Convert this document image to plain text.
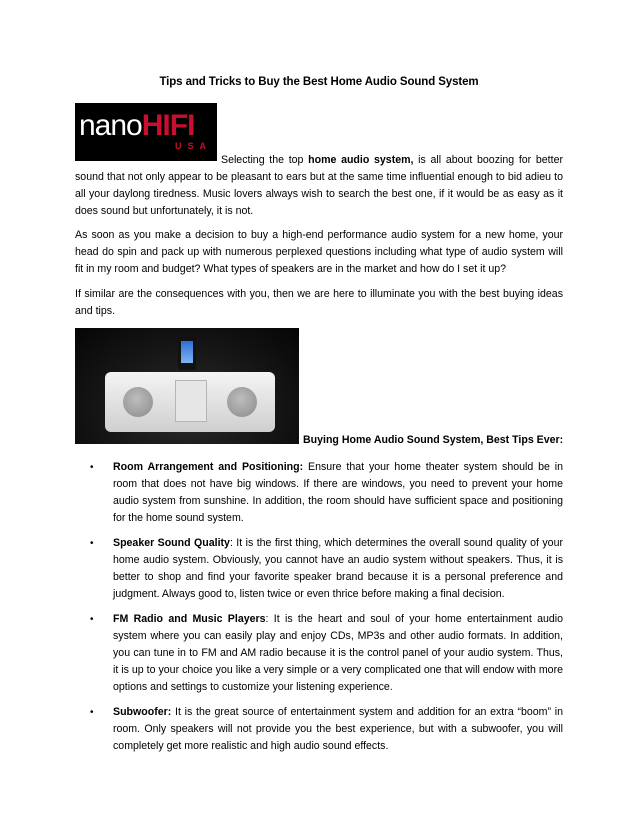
Tips and Tricks to Buy the Best Home Audio Sound System
nanoHIFI
USA
Selecting the top home audio system, is all about boozing for better sound that not only appear to be pleasant to ears but at the same time influential enough to bid adieu to all your daylong tiredness. Music lovers always wish to search the best one, if it would be as easy as it does sound but unfortunately, it is not.
As soon as you make a decision to buy a high-end performance audio system for a new home, your head do spin and pack up with numerous perplexed questions including what type of audio system will fit in my room and budget? What types of speakers are in the market and how do I set it up?
If similar are the consequences with you, then we are here to illuminate you with the best buying ideas and tips.
Buying Home Audio Sound System, Best Tips Ever:
• Room Arrangement and Positioning: Ensure that your home theater system should be in room that does not have big windows. If there are windows, you need to prevent your home audio system from sunshine. In addition, the room should have sufficient space and positioning for the home sound system.
• Speaker Sound Quality: It is the first thing, which determines the overall sound quality of your home audio system. Obviously, you cannot have an audio system without speakers. Thus, it is better to shop and find your favorite speaker brand because it is a personal preference and judgment. Always good to, listen twice or even thrice before making a final decision.
• FM Radio and Music Players: It is the heart and soul of your home entertainment audio system where you can easily play and enjoy CDs, MP3s and other audio formats. In addition, you can tune in to FM and AM radio because it is the control panel of your audio system. Thus, it is up to your choice you like a very simple or a very complicated one that will endow with more options and settings to customize your listening experience.
• Subwoofer: It is the great source of entertainment system and addition for an extra “boom” in room. Only speakers will not provide you the best experience, but with a subwoofer, you will completely get more realistic and high audio sound effects.
